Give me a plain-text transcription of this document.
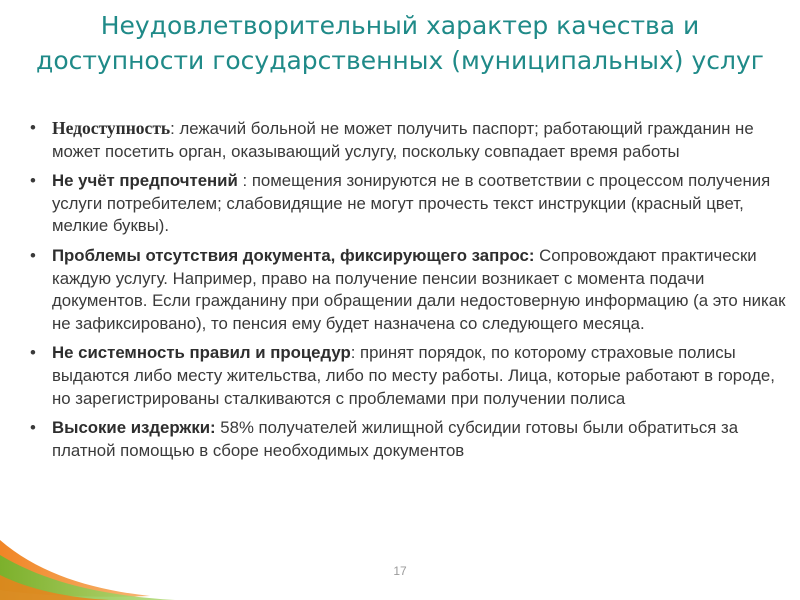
Неудовлетворительный характер качества и доступности государственных (муниципальных) услуг
• Недоступность: лежачий больной не может получить паспорт; работающий гражданин не может посетить орган, оказывающий услугу, поскольку совпадает время работы
• Не учёт предпочтений : помещения зонируются не в соответствии с процессом получения услуги потребителем; слабовидящие не могут прочесть текст инструкции (красный цвет, мелкие буквы).
• Проблемы отсутствия документа, фиксирующего запрос: Сопровождают практически каждую услугу. Например, право на получение пенсии возникает с момента подачи документов. Если гражданину при обращении дали недостоверную информацию (а это никак не зафиксировано), то пенсия ему будет назначена со следующего месяца.
• Не системность правил и процедур: принят порядок, по которому страховые полисы выдаются либо месту жительства, либо по месту работы. Лица, которые работают в городе, но зарегистрированы сталкиваются с проблемами при получении полиса
• Высокие издержки: 58% получателей жилищной субсидии готовы были обратиться за платной помощью в сборе необходимых документов
17
